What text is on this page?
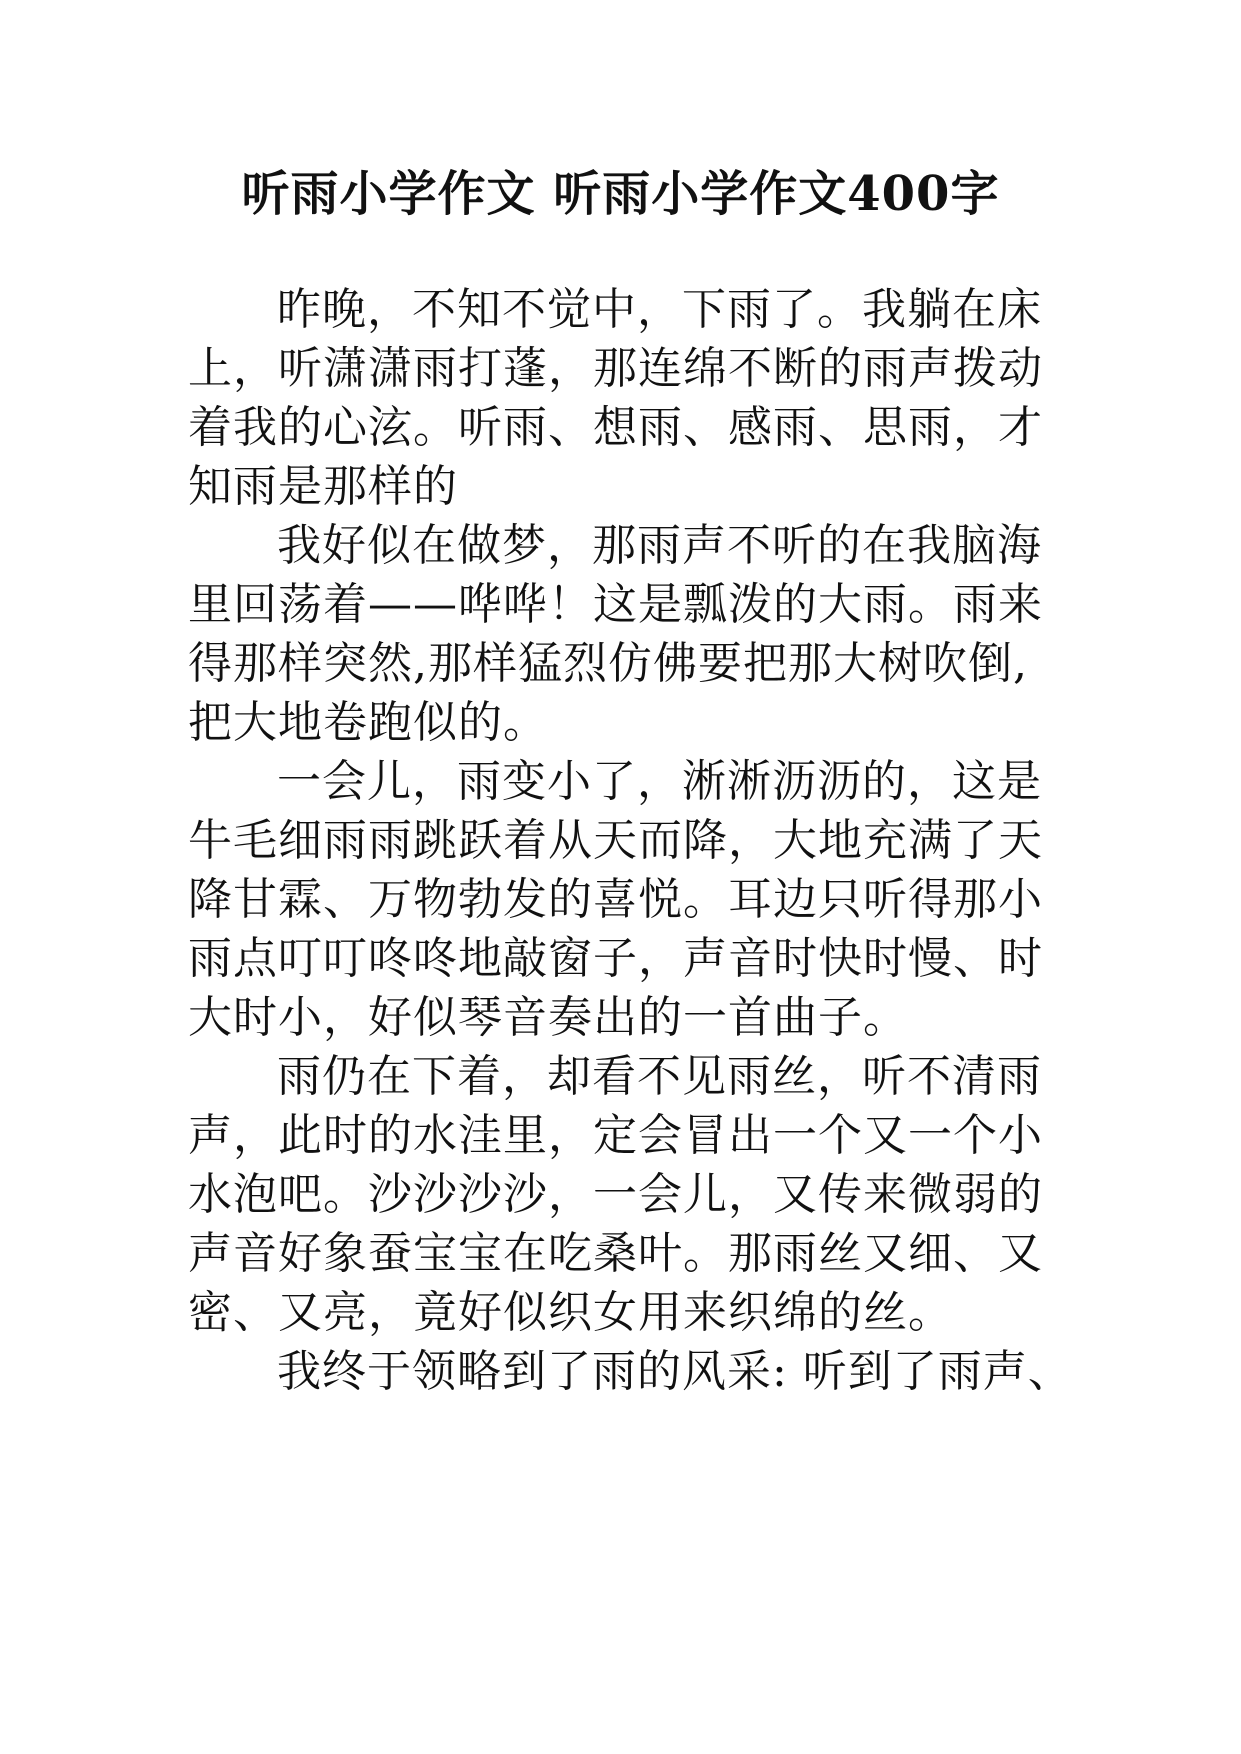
听雨小学作文 听雨小学作文400字
昨晚，不知不觉中，下雨了。我躺在床
上，听潇潇雨打蓬，那连绵不断的雨声拨动
着我的心泫。听雨、想雨、感雨、思雨，才
知雨是那样的
我好似在做梦，那雨声不听的在我脑海
里回荡着——哗哗！这是瓢泼的大雨。雨来
得那样突然,那样猛烈仿佛要把那大树吹倒,
把大地卷跑似的。
一会儿，雨变小了，淅淅沥沥的，这是
牛毛细雨雨跳跃着从天而降，大地充满了天
降甘霖、万物勃发的喜悦。耳边只听得那小
雨点叮叮咚咚地敲窗子，声音时快时慢、时
大时小，好似琴音奏出的一首曲子。
雨仍在下着，却看不见雨丝，听不清雨
声，此时的水洼里，定会冒出一个又一个小
水泡吧。沙沙沙沙，一会儿，又传来微弱的
声音好象蚕宝宝在吃桑叶。那雨丝又细、又
密、又亮，竟好似织女用来织绵的丝。
我终于领略到了雨的风采: 听到了雨声、
